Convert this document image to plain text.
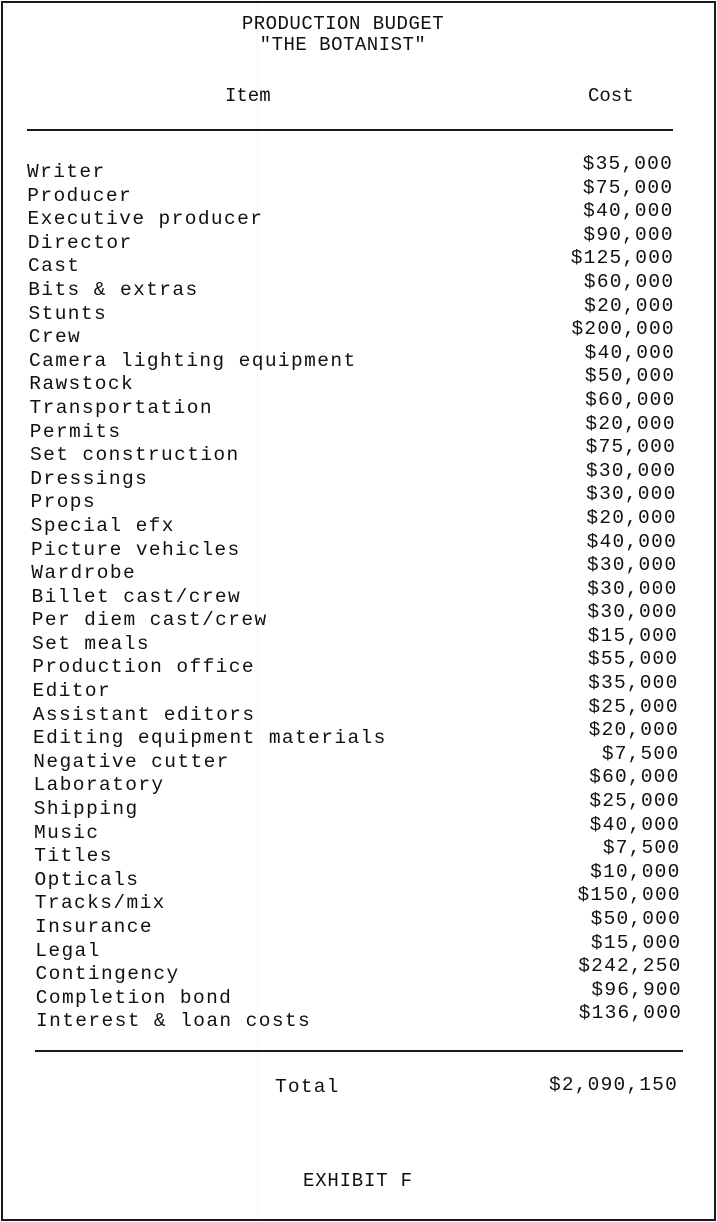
PRODUCTION BUDGET
"THE BOTANIST"
Item	Cost
Writer	$35,000
Producer	$75,000
Executive producer	$40,000
Director	$90,000
Cast	$125,000
Bits & extras	$60,000
Stunts	$20,000
Crew	$200,000
Camera lighting equipment	$40,000
Rawstock	$50,000
Transportation	$60,000
Permits	$20,000
Set construction	$75,000
Dressings	$30,000
Props	$30,000
Special efx	$20,000
Picture vehicles	$40,000
Wardrobe	$30,000
Billet cast/crew	$30,000
Per diem cast/crew	$30,000
Set meals	$15,000
Production office	$55,000
Editor	$35,000
Assistant editors	$25,000
Editing equipment materials	$20,000
Negative cutter	$7,500
Laboratory	$60,000
Shipping	$25,000
Music	$40,000
Titles	$7,500
Opticals	$10,000
Tracks/mix	$150,000
Insurance	$50,000
Legal	$15,000
Contingency	$242,250
Completion bond	$96,900
Interest & loan costs	$136,000
Total	$2,090,150
EXHIBIT F
